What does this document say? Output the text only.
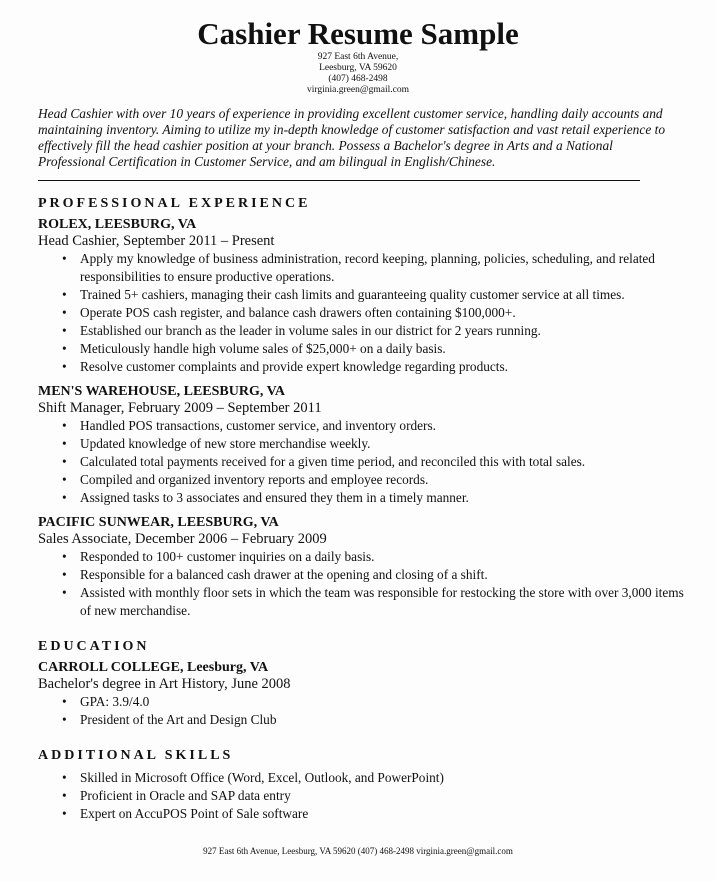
Cashier Resume Sample
927 East 6th Avenue,
Leesburg, VA 59620
(407) 468-2498
virginia.green@gmail.com
Head Cashier with over 10 years of experience in providing excellent customer service, handling daily accounts and maintaining inventory. Aiming to utilize my in-depth knowledge of customer satisfaction and vast retail experience to effectively fill the head cashier position at your branch. Possess a Bachelor's degree in Arts and a National Professional Certification in Customer Service, and am bilingual in English/Chinese.
PROFESSIONAL EXPERIENCE
ROLEX, LEESBURG, VA
Head Cashier, September 2011 – Present
• Apply my knowledge of business administration, record keeping, planning, policies, scheduling, and related responsibilities to ensure productive operations.
• Trained 5+ cashiers, managing their cash limits and guaranteeing quality customer service at all times.
• Operate POS cash register, and balance cash drawers often containing $100,000+.
• Established our branch as the leader in volume sales in our district for 2 years running.
• Meticulously handle high volume sales of $25,000+ on a daily basis.
• Resolve customer complaints and provide expert knowledge regarding products.
MEN'S WAREHOUSE, LEESBURG, VA
Shift Manager, February 2009 – September 2011
• Handled POS transactions, customer service, and inventory orders.
• Updated knowledge of new store merchandise weekly.
• Calculated total payments received for a given time period, and reconciled this with total sales.
• Compiled and organized inventory reports and employee records.
• Assigned tasks to 3 associates and ensured they them in a timely manner.
PACIFIC SUNWEAR, LEESBURG, VA
Sales Associate, December 2006 – February 2009
• Responded to 100+ customer inquiries on a daily basis.
• Responsible for a balanced cash drawer at the opening and closing of a shift.
• Assisted with monthly floor sets in which the team was responsible for restocking the store with over 3,000 items of new merchandise.
EDUCATION
CARROLL COLLEGE, Leesburg, VA
Bachelor's degree in Art History, June 2008
• GPA: 3.9/4.0
• President of the Art and Design Club
ADDITIONAL SKILLS
• Skilled in Microsoft Office (Word, Excel, Outlook, and PowerPoint)
• Proficient in Oracle and SAP data entry
• Expert on AccuPOS Point of Sale software
927 East 6th Avenue, Leesburg, VA 59620 (407) 468-2498 virginia.green@gmail.com
